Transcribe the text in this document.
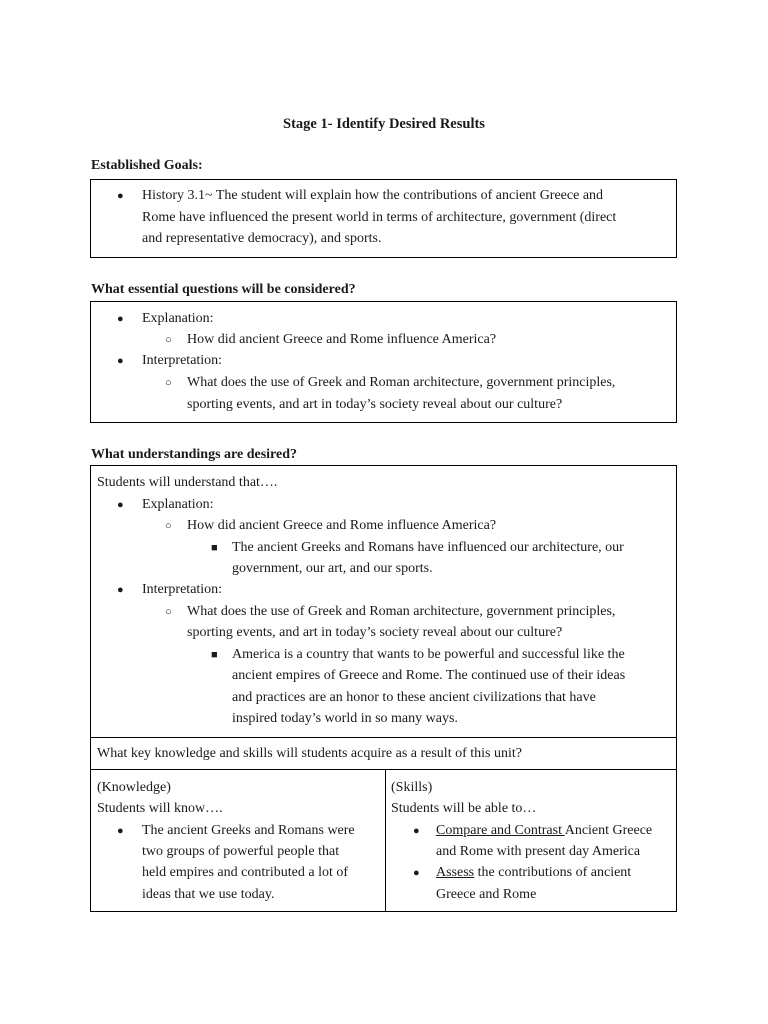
Stage 1- Identify Desired Results
Established Goals:
● History 3.1~ The student will explain how the contributions of ancient Greece and
Rome have influenced the present world in terms of architecture, government (direct
and representative democracy), and sports.
What essential questions will be considered?
● Explanation:
○ How did ancient Greece and Rome influence America?
● Interpretation:
○ What does the use of Greek and Roman architecture, government principles,
sporting events, and art in today’s society reveal about our culture?
What understandings are desired?
Students will understand that….
● Explanation:
○ How did ancient Greece and Rome influence America?
■ The ancient Greeks and Romans have influenced our architecture, our
government, our art, and our sports.
● Interpretation:
○ What does the use of Greek and Roman architecture, government principles,
sporting events, and art in today’s society reveal about our culture?
■ America is a country that wants to be powerful and successful like the
ancient empires of Greece and Rome. The continued use of their ideas
and practices are an honor to these ancient civilizations that have
inspired today’s world in so many ways.
What key knowledge and skills will students acquire as a result of this unit?
(Knowledge)
Students will know….
● The ancient Greeks and Romans were
two groups of powerful people that
held empires and contributed a lot of
ideas that we use today.
(Skills)
Students will be able to…
● Compare and Contrast Ancient Greece
and Rome with present day America
● Assess the contributions of ancient
Greece and Rome
